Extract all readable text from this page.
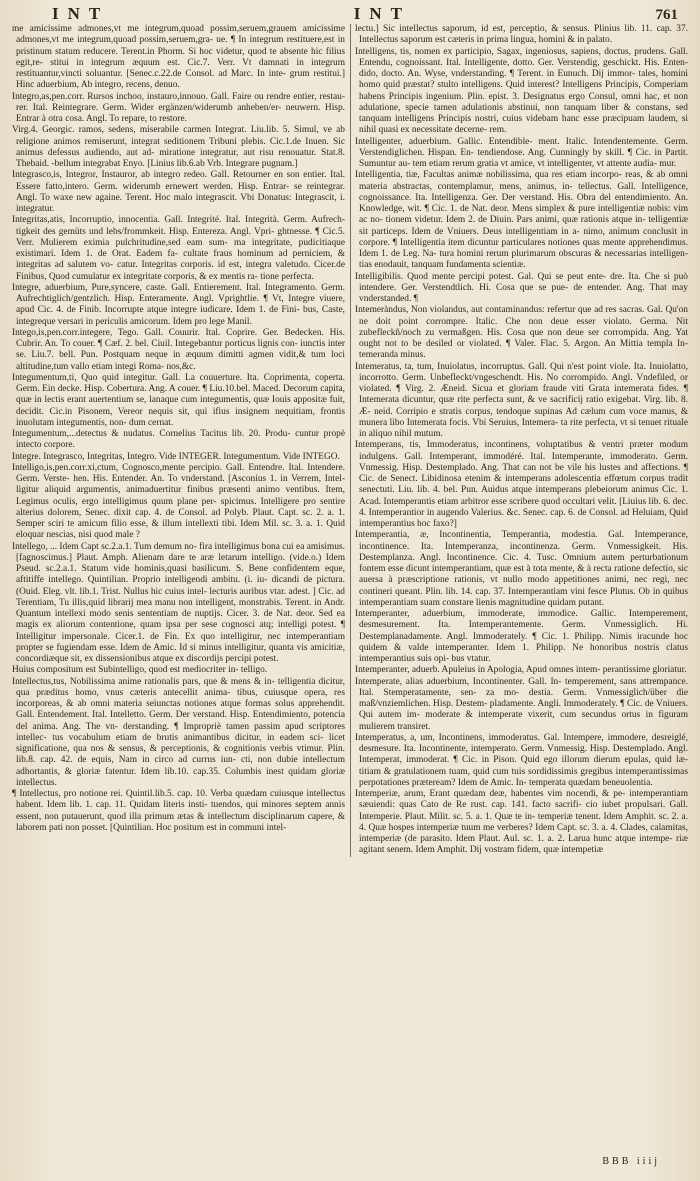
INT	INT	761

me amicissime admones,vt me integrum,quoad possim,seruem,grauem amicissime admones,vt me integrum,quoad possim,seruem,gra- ue. ¶ In integrum restituere,est in pristinum statum reducere. Terent.in Phorm. Si hoc videtur, quod te absente hic filius egit,re- stitui in integrum æquum est. Cic.7. Verr. Vt damnati in integrum restituantur,vincti soluantur. [Senec.c.22.de Consol. ad Marc. In inte- grum restitui.] Hinc aduerbium, Ab integro, recens, denuo.

Integro,as,pen.corr. Rursos inchoo, instauro,innouo. Gall. Faire ou rendre entier, restau- rer. Ital. Reintegrare. Germ. Wider ergänzen/widerumb anheben/er- neuwern. Hisp. Entrar à otra cosa. Angl. To repare, to restore.

Virg.4. Georgic. ramos, sedens, miserabile carmen Integrat. Liu.lib. 5. Simul, ve ab religione animos remiserunt, integrat seditionem Tribuni plebis. Cic.1.de Inuen. Sic animus defessus audiendo, aut ad- miratione integratur, aut risu renouatur. Stat.8. Thebaid. -bellum integrabat Enyo. [Linius lib.6.ab Vrb. Integrare pugnam.]

Integrasco,is, Integror, Instauror, ab integro redeo. Gall. Retourner en son entier. Ital. Essere fatto,intero. Germ. widerumb ernewert werden. Hisp. Entrar- se reintegrar. Angl. To waxe new againe. Terent. Hoc malo integrascit. Vbi Donatus: Integrascit, i. integratur.

Integritas,atis, Incorruptio, innocentia. Gall. Integrité. Ital. Integrità. Germ. Aufrech- tigkeit des gemüts und lebs/frommkeit. Hisp. Entereza. Angl. Vpri- ghtnesse. ¶ Cic.5. Verr. Mulierem eximia pulchritudine,sed eam sum- ma integritate, pudicitiaque existimari. Idem 1. de Orat. Eadem fa- cultate fraus hominum ad perniciem, & integritas ad salutem vo- catur. Integritas corporis. id est, integra valetudo. Cicer.de Finibus, Quod cumulatur ex integritate corporis, & ex mentis ra- tione perfecta.

Integre, aduerbium, Pure,syncere, caste. Gall. Entierement. Ital. Integramento. Germ. Aufrechtiglich/gentzlich. Hisp. Enteramente. Angl. Vprightlie. ¶ Vt, Integre viuere, apud Cic. 4. de Finib. Incorrupte atque integre iudicare. Idem 1. de Fini- bus, Caste, integreque versari in periculis amicorum. Idem pro lege Manil.

Intego,is,pen.corr.integere, Tego. Gall. Couurir. Ital. Coprire. Ger. Bedecken. His. Cubrir. An. To couer. ¶ Cæf. 2. bel. Ciuil. Integebantur porticus lignis con- iunctis inter se. Liu.7. bell. Pun. Postquam neque in æquum dimitti agmen vidit,& tum loci altitudine,tum vallo etiam integi Roma- nos,&c.

Integumentum,ti, Quo quid integitur. Gall. La couuerture. Ita. Coprimenta, coperta. Germ. Ein decke. Hisp. Cobertura. Ang. A couer. ¶ Liu.10.bel. Maced. Decorum capita, quæ in lectis erant auertentium se, lanaque cum integumentis, quæ Iouis appositæ fuit, decidit. Cic.in Pisonem, Vereor nequis sit, qui ifius insignem nequitiam, frontis inuolutam integumentis, non- dum cernat.

Integumentum,...detectus & nudatus. Cornelius Tacitus lib. 20. Produ- cuntur propè intecto corpore.

Integre. Integrasco, Integritas, Integro. Vide INTEGER. Integumentum. Vide INTEGO.

Intelligo,is,pen.corr.xi,ctum, Cognosco,mente percipio. Gall. Entendre. Ital. Intendere. Germ. Verste- hen. His. Entender. An. To vnderstand. [Asconius 1. in Verrem, Intel- ligitur aliquid argumentis, animaduertitur finibus præsenti animo ventibus. Item, Legimus oculis, ergo intelligimus quum plane per- spicimus. Intelligere pro sentire alterius dolorem, Senec. dixit cap. 4. de Consol. ad Polyb. Plaut. Capt. sc. 2. a. 1. Semper sciri te amicum filio esse, & illum intellexti tibi. Idem Mil. sc. 3. a. 1. Quid eloquar nescias, nisi quod male ?

Intellego, ... Idem Capt sc.2.a.1. Tum demum no- fira intelligimus bona cui ea amisimus. [fagnoscimus.] Plaut. Amph. Alienam dare te aræ letarum intelligo. (vide.o.) Idem Pseud. sc.2.a.1. Statum vide hominis,quasi basilicum. S. Bene confidentem eque, aftitiffe intellego. Quintilian. Proprio intelligendi ambitu. (i. iu- dicandi de pictura. (Ouid. Eleg. vlt. lib.1. Trist. Nullus hic cuius intel- lecturis auribus vtar. adest. ] Cic. ad Terentiam, Tu illis,quid librarij mea manu non intelligent, monstrabis. Terent. in Andr. Quantum intellexi modo senis sententiam de nuptijs. Cicer. 3. de Nat. deor. Sed ea magis ex aliorum contentione, quam ipsa per sese cognosci atq; intelligi potest. ¶ Intelligitur impersonale. Cicer.1. de Fin. Ex quo intelligitur, nec intemperantiam propter se fugiendam esse. Idem de Amic. Id si minus intelligitur, quanta vis amicitiæ, concordiæque sit, ex dissensionibus atque ex discordijs percipi potest.

Huius compositum est Subintelligo, quod est mediocriter in- telligo.

Intellectus,tus, Nobilissima anime rationalis pars, que & mens & in- telligentia dicitur, qua præditus homo, vnus cæteris antecellit anima- tibus, cuiusque opera, res incorporeas, & ab omni materia seiunctas notiones atque formas solus apprehendit. Gall. Entendement. Ital. Intelletto. Germ. Der verstand. Hisp. Entendimiento, potencia del anima. Ang. The vn- derstanding. ¶ Impropriè tamen passim apud scriptores intellec- tus vocabulum etiam de brutis animantibus dicitur, in eadem sci- licet significatione, qua nos & sensus, & perceptionis, & cognitionis verbis vtimur. Plin. lib.8. cap. 42. de equis, Nam in circo ad currus iun- cti, non dubie intellectum adhortantis, & gloriæ fatentur. Idem lib.10. cap.35. Columbis inest quidam gloriæ intellectus.

¶ Intellectus, pro notione rei. Quintil.lib.5. cap. 10. Verba quædam cuiusque intellectus habent. Idem lib. 1. cap. 11. Quidam literis insti- tuendos, qui minores septem annis essent, non putauerunt, quod illa primum ætas & intellectum disciplinarum capere, & laborem pati non posset. [Quintilian. Hoc positum est in communi intel-

lectu.] Sic intellectus saporum, id est, perceptio, & sensus. Plinius lib. 11. cap. 37. Intellectus saporum est cæteris in prima lingua, homini & in palato.

Intelligens, tis, nomen ex participio, Sagax, ingeniosus, sapiens, doctus, prudens. Gall. Entendu, cognoissant. Ital. Intelligente, dotto. Ger. Verstendig, geschickt. His. Enten- dido, docto. An. Wyse, vnderstanding. ¶ Terent. in Eunuch. Dij immor- tales, homini homo quid præstat? stulto intelligens. Quid interest? Intelligens Principis, Comperiam habens Principis ingenium. Plin. epist. 3. Designatus ergo Consul, omni hac, et non adulatione, specie tamen adulationis abstinui, non tanquam liber & constans, sed tanquam intelligens Principis nostri, cuius videbam hanc esse præcipuam laudem, si nihil quasi ex necessitate decerne- rem.

Intelligenter, aduerbium. Gallic. Entendible- ment. Italic. Intendentemente. Germ. Verstendiglichen. Hispan. En- tendiendose. Ang. Cunningly by skill. ¶ Cic. in Partit. Sumuntur au- tem etiam rerum gratia vt amice, vt intelligenter, vt attente audia- mur.

Intelligentia, tiæ, Facultas animæ nobilissima, qua res etiam incorpo- reas, & ab omni materia abstractas, contemplamur, mens, animus, in- tellectus. Gall. Intelligence, cognoissance. Ita. Intelligenza. Ger. Der verstand. His. Obra del entendimiento. An. Knowledge, wit. ¶ Cic. 1. de Nat. deor. Mens simplex & pure intelligentiæ nobis: vim ac no- tionem videtur. Idem 2. de Diuin. Pars animi, quæ rationis atque in- telligentiæ sit particeps. Idem de Vniuers. Deus intelligentiam in a- nimo, animum conclusit in corpore. ¶ Intelligentia item dicuntur particulares notiones quas mente apprehendimus. Idem 1. de Leg. Na- tura homini rerum plurimarum obscuras & necessarias intelligen- tias enodauit, tanquam fundamenta scientiæ.

Intelligibilis. Quod mente percipi potest. Gal. Qui se peut ente- dre. Ita. Che si può intendere. Ger. Verstendtlich. Hi. Cosa que se pue- de entender. Ang. That may vnderstanded. ¶

Intemeràndus, Non violandus, aut contaminandus: refertur que ad res sacras. Gal. Qu'on ne doit point corrompre. Italic. Che non deue esser violato. Germa. Nit zubefleckñ/noch zu vermaßgen. His. Cosa que non deue ser corrompida. Ang. Yat ought not to be desiled or violated. ¶ Valer. Flac. 5. Argon. An Mittia templa In- temeranda minus.

Intemeratus, ta, tum, Inuiolatus, incorruptus. Gall. Qui n'est point viole. Ita. Inuiolatto, incorrotto. Germ. Unbefleckt/vngeschendt. His. No corrompido. Angl. Vndefiled, or violated. ¶ Virg. 2. Æneid. Sicua et gloriam fraude viti Grata intemerata fides. ¶ Intemerata dicuntur, quæ rite perfecta sunt, & ve sacrificij ratio exigebat. Virg. lib. 8. Æ- neid. Corripio e stratis corpus, tendoque supinas Ad cælum cum voce manus, & munera libo Intemerata focis. Vbi Seruius, Intemera- ta rite perfecta, vt si tenuet rituale in aliquo nihil mutum.

Intemperans, tis, Immoderatus, incontinens, voluptatibus & ventri præter modum indulgens. Gall. Intemperant, immodéré. Ital. Intemperante, immoderato. Germ. Vnmessig. Hisp. Destemplado. Ang. That can not be vile his lustes and affections. ¶ Cic. de Senect. Libidinosa etenim & intemperans adolescentia effœtum corpus tradit senectuti. Liu. lib. 4. bel. Pun. Auidus atque intemperans plebeiorum animus Cic. 1. Acad. Intemperantis etiam arbitror esse scribere quod occultari velit. [Liuius lib. 6. dec. 4. Intemperantior in augendo Valerius. &c. Senec. cap. 6. de Consol. ad Heluiam, Quid intemperantius hoc faxo?]

Intemperantia, æ, Incontinentia, Temperantia, modestia. Gal. Intemperance, incontinence. Ita. Intemperanza, incontinenza. Germ. Vnmessigkeit. His. Destemplanza. Angl. Incontinence. Cic. 4. Tusc. Omnium autem perturbationum fontem esse dicunt intemperantiam, quæ est à tota mente, & à recta ratione defectio, sic auersa à præscriptione rationis, vt nullo modo appetitiones animi, nec regi, nec contineri queant. Plin. lib. 14. cap. 37. Intemperantiam vini fesce Plutus. Ob in quibus intemperantiam suam constare lienis magnitudine quidam putant.

Intemperanter, aduerbium, immoderate, immodice. Gallic. Intemperement, desmesurement. Ita. Intemperantemente. Germ. Vnmessiglich. Hi. Destemplanadamente. Angl. Immoderately. ¶ Cic. 1. Philipp. Nimis iracunde hoc quidem & valde intemperanter. Idem 1. Philipp. Ne honoribus nostris clatus intemperantius suis opi- bus vtatur.

Intemperanter, aduerb. Apuleius in Apologia, Apud omnes intem- perantissime gloriatur.

Intemperate, alias aduerbium, Incontinenter. Gall. In- temperement, sans attrempance. Ital. Stemperatamente, sen- za mo- destia. Germ. Vnmessiglich/über die maß/vnziemlichen. Hisp. Destem- pladamente. Angli. Immoderately. ¶ Cic. de Vniuers. Qui autem im- moderate & intemperate vixerit, cum secundus ortus in figuram mulierem transiret.

Intemperatus, a, um, Incontinens, immoderatus. Gal. Intempere, immodere, desreiglé, desmesure. Ita. Incontinente, intemperato. Germ. Vnmessig. Hisp. Destemplado. Angl. Intemperat, immoderat. ¶ Cic. in Pison. Quid ego illorum dierum epulas, quid læ- titiam & gratulationem tuam, quid cum tuis sordidissimis gregibus intemperantissimas perpotationes præteream? Idem de Amic. In- temperata quædam beneuolentia.

Intemperiæ, arum, Erant quædam deæ, habentes vim nocendi, & pe- intemperantiam sæuiendi: quas Cato de Re rust. cap. 141. facto sacrifi- cio iubet propulsari. Gall. Intemperie. Plaut. Milit. sc. 5. a. 1. Quæ te in- temperiæ tenent. Idem Amphit. sc. 2. a. 4. Quæ hospes intemperiæ tuum me verberes? Idem Capt. sc. 3. a. 4. Clades, calamitas, intemperiæ (de parasito. Idem Plaut. Aul. sc. 1. a. 2. Larua hunc atque intempe- riæ agitant senem. Idem Amphit. Dij vostram fidem, quæ intempetiæ

BBB iiij
